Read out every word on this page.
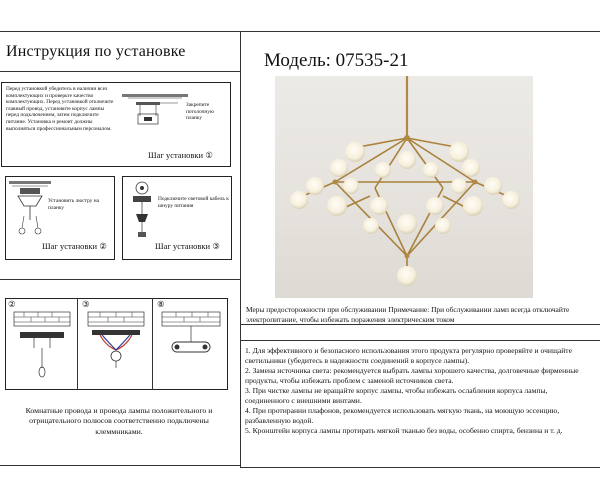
Инструкция по установке
Перед установкой убедитесь в наличии всех комплектующих и проверьте качество комплектующих. Перед установкой отключите главный провод, установите корпус лампы перед подключением, затем подключите питание. Установка и ремонт должны выполняться профессиональным персоналом.
Закрепите потолочную планку
Шаг установки ①
Установить люстру на планку
Шаг установки ②
Подключите световой кабель к шнуру питания
Шаг установки ③
②	③	⑧
Комнатные провода и провода лампы положительного и отрицательного полюсов соответственно подключены клеммниками.
Модель: 07535-21
Меры предосторожности при обслуживании Примечание: При обслуживании ламп всегда отключайте электропитание, чтобы избежать поражения электрическим током
1. Для эффективного и безопасного использования этого продукта регулярно проверяйте и очищайте светильники (убедитесь в надежности соединений в корпусе лампы).
2. Замена источника света: рекомендуется выбрать лампы хорошего качества, долговечные фирменные продукты, чтобы избежать проблем с заменой источников света.
3. При чистке лампы не вращайте корпус лампы, чтобы избежать ослабления корпуса лампы, соединенного с внешними винтами.
4. При протирании плафонов, рекомендуется использовать мягкую ткань, на моющую эссенцию, разбавленную водой.
5. Кронштейн корпуса лампы протирать мягкой тканью без воды, особенно спирта, бензина и т. д.
